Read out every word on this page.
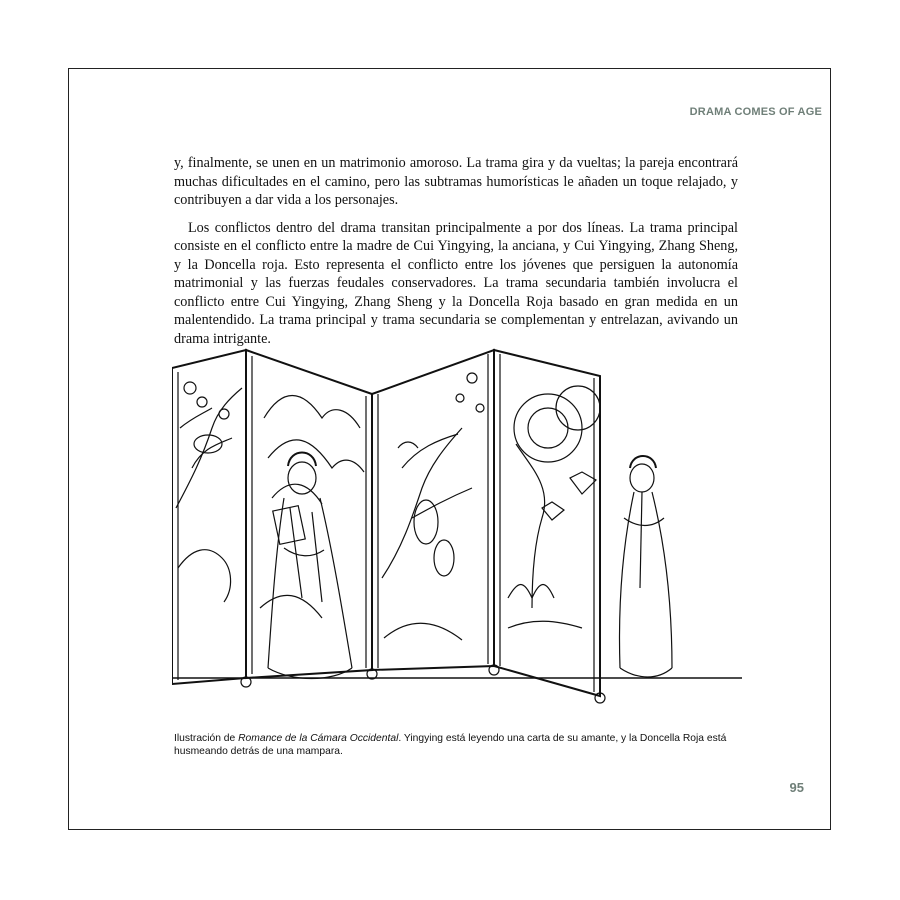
DRAMA COMES OF AGE

y, finalmente, se unen en un matrimonio amoroso. La trama gira y da vueltas; la pareja encontrará muchas dificultades en el camino, pero las subtramas humorísticas le añaden un toque relajado, y contribuyen a dar vida a los personajes.

Los conflictos dentro del drama transitan principalmente a por dos líneas. La trama principal consiste en el conflicto entre la madre de Cui Yingying, la anciana, y Cui Yingying, Zhang Sheng, y la Doncella roja. Esto representa el conflicto entre los jóvenes que persiguen la autonomía matrimonial y las fuerzas feudales conservadores. La trama secundaria también involucra el conflicto entre Cui Yingying, Zhang Sheng y la Doncella Roja basado en gran medida en un malentendido. La trama principal y trama secundaria se complementan y entrelazan, avivando un drama intrigante.

Ilustración de Romance de la Cámara Occidental. Yingying está leyendo una carta de su amante, y la Doncella Roja está husmeando detrás de una mampara.
95
